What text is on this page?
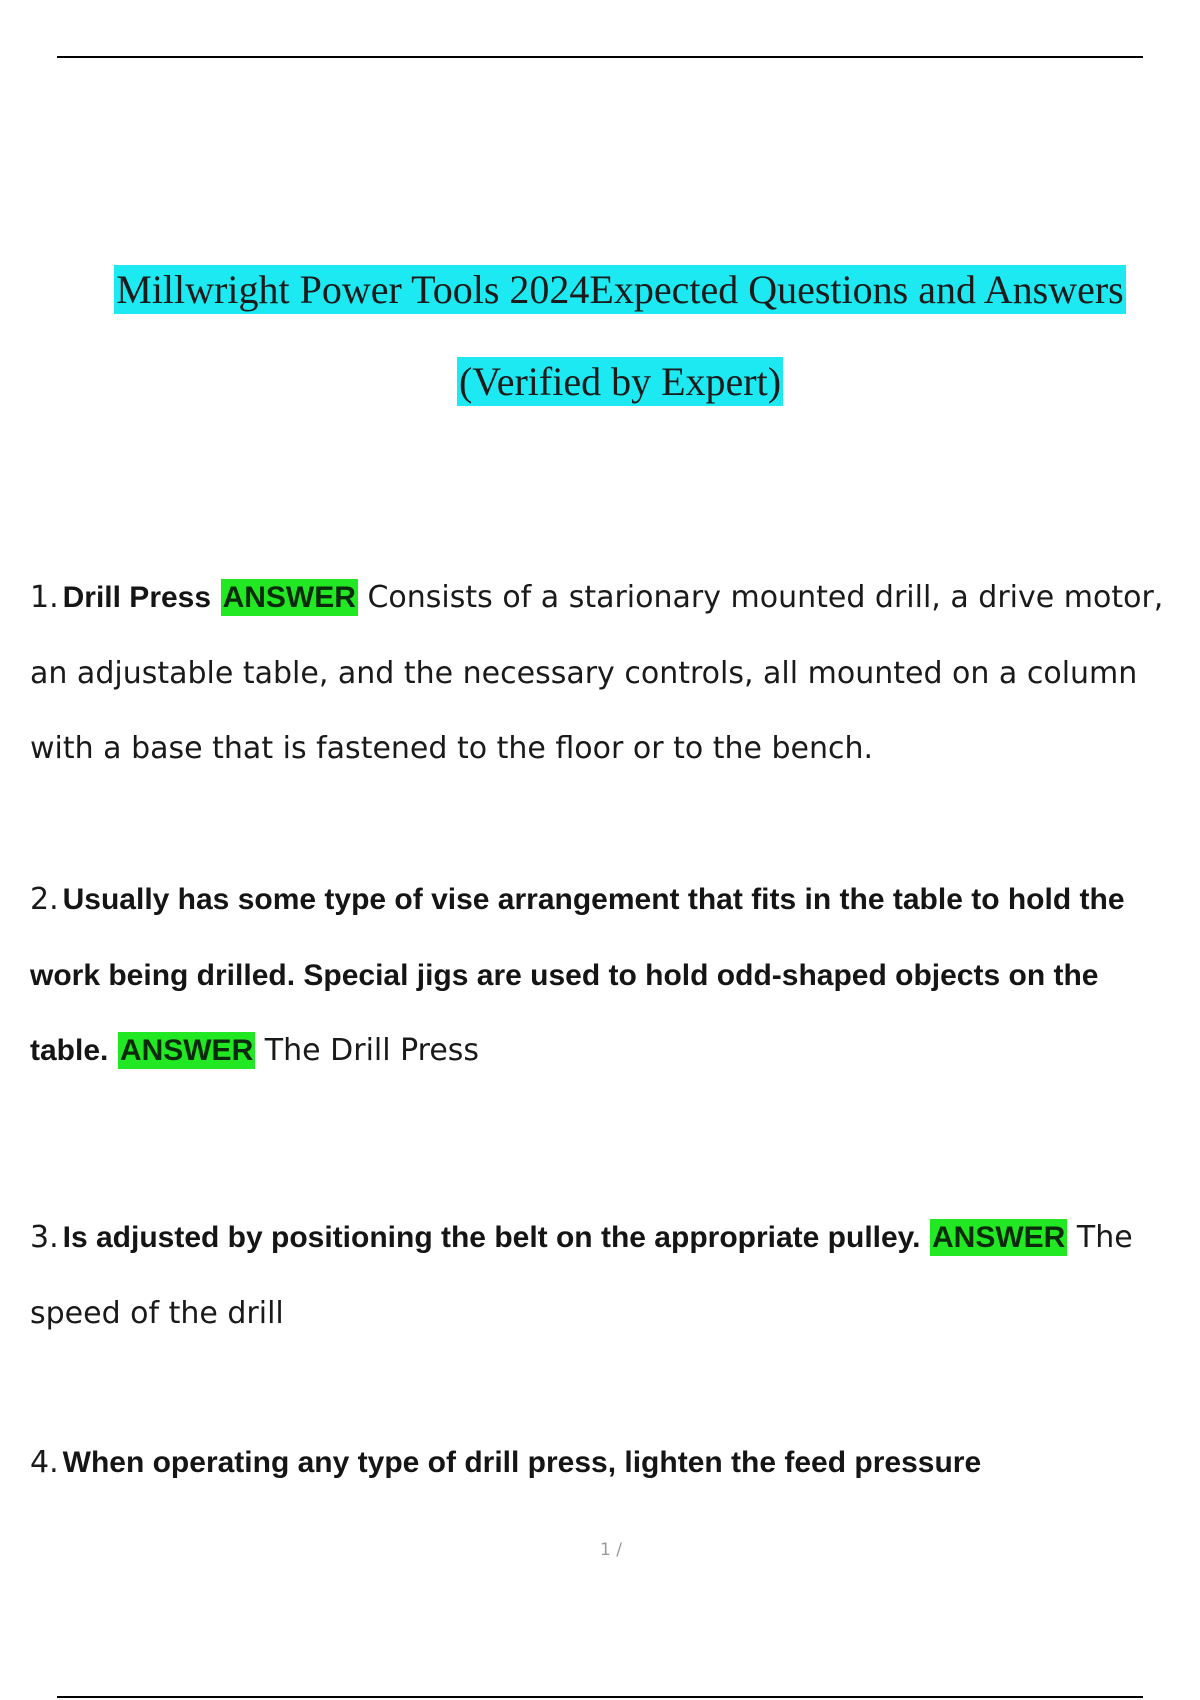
Millwright Power Tools 2024Expected Questions and Answers
(Verified by Expert)
1. Drill Press ANSWER Consists of a starionary mounted drill, a drive motor, an adjustable table, and the necessary controls, all mounted on a column with a base that is fastened to the floor or to the bench.
2. Usually has some type of vise arrangement that fits in the table to hold the work being drilled. Special jigs are used to hold odd-shaped objects on the table. ANSWER The Drill Press
3. Is adjusted by positioning the belt on the appropriate pulley. ANSWER The speed of the drill
4. When operating any type of drill press, lighten the feed pressure
1 /
